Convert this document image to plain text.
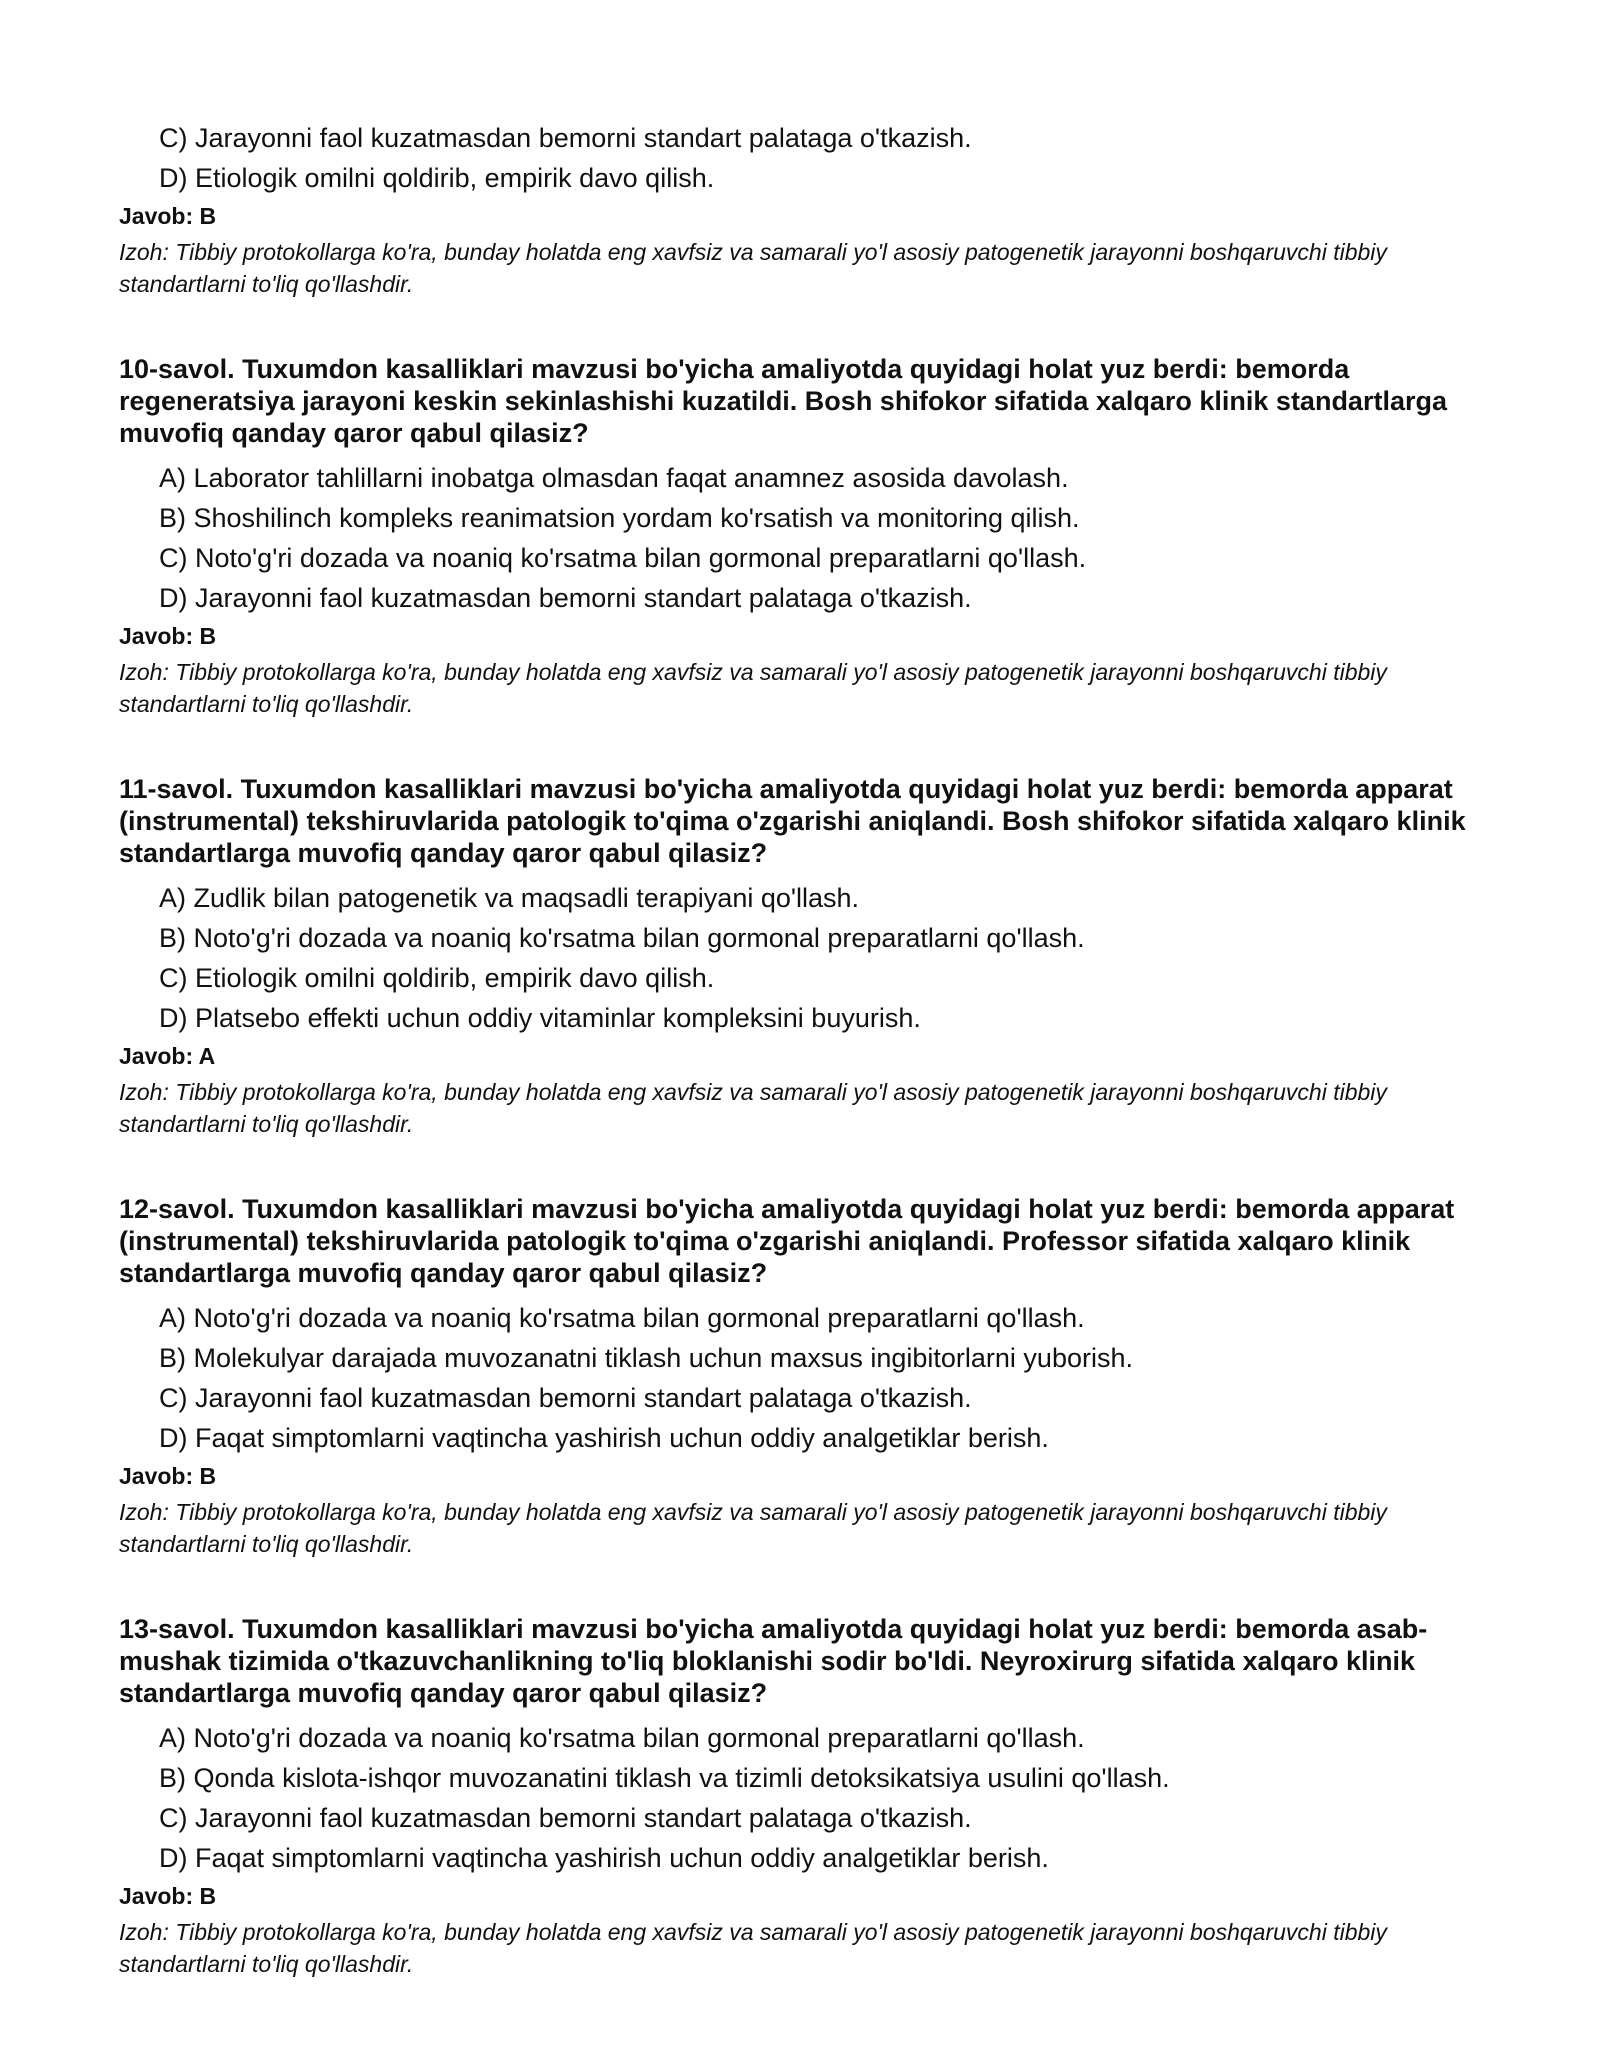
C) Jarayonni faol kuzatmasdan bemorni standart palataga o'tkazish.
D) Etiologik omilni qoldirib, empirik davo qilish.
Javob: B
Izoh: Tibbiy protokollarga ko'ra, bunday holatda eng xavfsiz va samarali yo'l asosiy patogenetik jarayonni boshqaruvchi tibbiy standartlarni to'liq qo'llashdir.
10-savol. Tuxumdon kasalliklari mavzusi bo'yicha amaliyotda quyidagi holat yuz berdi: bemorda regeneratsiya jarayoni keskin sekinlashishi kuzatildi. Bosh shifokor sifatida xalqaro klinik standartlarga muvofiq qanday qaror qabul qilasiz?
A) Laborator tahlillarni inobatga olmasdan faqat anamnez asosida davolash.
B) Shoshilinch kompleks reanimatsion yordam ko'rsatish va monitoring qilish.
C) Noto'g'ri dozada va noaniq ko'rsatma bilan gormonal preparatlarni qo'llash.
D) Jarayonni faol kuzatmasdan bemorni standart palataga o'tkazish.
Javob: B
Izoh: Tibbiy protokollarga ko'ra, bunday holatda eng xavfsiz va samarali yo'l asosiy patogenetik jarayonni boshqaruvchi tibbiy standartlarni to'liq qo'llashdir.
11-savol. Tuxumdon kasalliklari mavzusi bo'yicha amaliyotda quyidagi holat yuz berdi: bemorda apparat (instrumental) tekshiruvlarida patologik to'qima o'zgarishi aniqlandi. Bosh shifokor sifatida xalqaro klinik standartlarga muvofiq qanday qaror qabul qilasiz?
A) Zudlik bilan patogenetik va maqsadli terapiyani qo'llash.
B) Noto'g'ri dozada va noaniq ko'rsatma bilan gormonal preparatlarni qo'llash.
C) Etiologik omilni qoldirib, empirik davo qilish.
D) Platsebo effekti uchun oddiy vitaminlar kompleksini buyurish.
Javob: A
Izoh: Tibbiy protokollarga ko'ra, bunday holatda eng xavfsiz va samarali yo'l asosiy patogenetik jarayonni boshqaruvchi tibbiy standartlarni to'liq qo'llashdir.
12-savol. Tuxumdon kasalliklari mavzusi bo'yicha amaliyotda quyidagi holat yuz berdi: bemorda apparat (instrumental) tekshiruvlarida patologik to'qima o'zgarishi aniqlandi. Professor sifatida xalqaro klinik standartlarga muvofiq qanday qaror qabul qilasiz?
A) Noto'g'ri dozada va noaniq ko'rsatma bilan gormonal preparatlarni qo'llash.
B) Molekulyar darajada muvozanatni tiklash uchun maxsus ingibitorlarni yuborish.
C) Jarayonni faol kuzatmasdan bemorni standart palataga o'tkazish.
D) Faqat simptomlarni vaqtincha yashirish uchun oddiy analgetiklar berish.
Javob: B
Izoh: Tibbiy protokollarga ko'ra, bunday holatda eng xavfsiz va samarali yo'l asosiy patogenetik jarayonni boshqaruvchi tibbiy standartlarni to'liq qo'llashdir.
13-savol. Tuxumdon kasalliklari mavzusi bo'yicha amaliyotda quyidagi holat yuz berdi: bemorda asab-mushak tizimida o'tkazuvchanlikning to'liq bloklanishi sodir bo'ldi. Neyroxirurg sifatida xalqaro klinik standartlarga muvofiq qanday qaror qabul qilasiz?
A) Noto'g'ri dozada va noaniq ko'rsatma bilan gormonal preparatlarni qo'llash.
B) Qonda kislota-ishqor muvozanatini tiklash va tizimli detoksikatsiya usulini qo'llash.
C) Jarayonni faol kuzatmasdan bemorni standart palataga o'tkazish.
D) Faqat simptomlarni vaqtincha yashirish uchun oddiy analgetiklar berish.
Javob: B
Izoh: Tibbiy protokollarga ko'ra, bunday holatda eng xavfsiz va samarali yo'l asosiy patogenetik jarayonni boshqaruvchi tibbiy standartlarni to'liq qo'llashdir.
